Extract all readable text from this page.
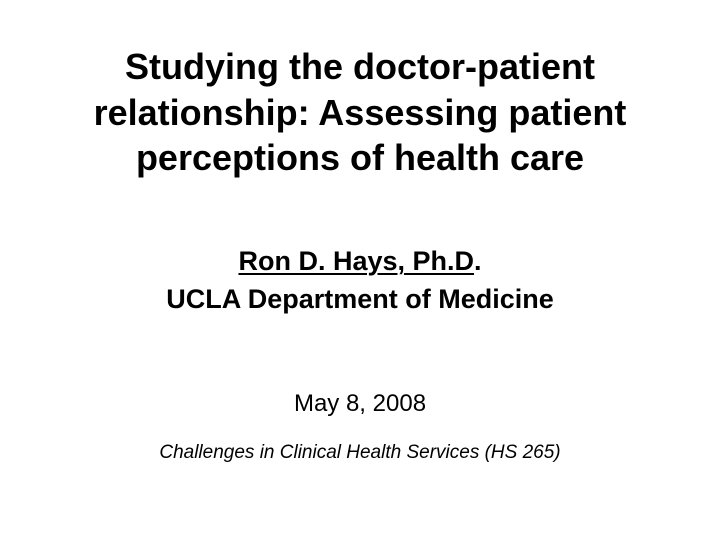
Studying the doctor-patient
relationship: Assessing patient
perceptions of health care
Ron D. Hays, Ph.D.
UCLA Department of Medicine
May 8, 2008
Challenges in Clinical Health Services (HS 265)
